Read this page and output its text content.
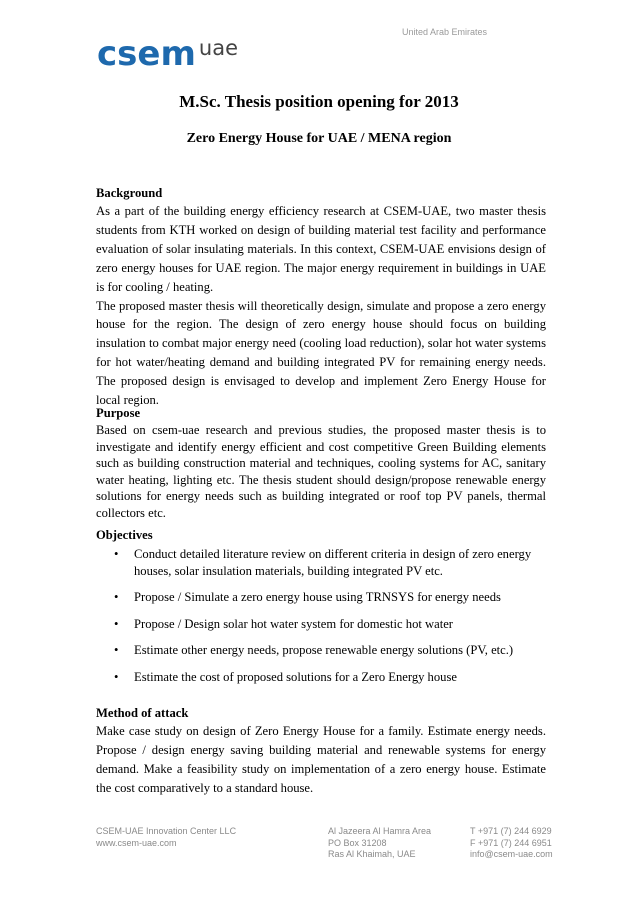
csem uae
United Arab Emirates
M.Sc. Thesis position opening for 2013
Zero Energy House for UAE / MENA region
Background

As a part of the building energy efficiency research at CSEM-UAE, two master thesis students from KTH worked on design of building material test facility and performance evaluation of solar insulating materials. In this context, CSEM-UAE envisions design of zero energy houses for UAE region. The major energy requirement in buildings in UAE is for cooling / heating.

The proposed master thesis will theoretically design, simulate and propose a zero energy house for the region. The design of zero energy house should focus on building insulation to combat major energy need (cooling load reduction), solar hot water systems for hot water/heating demand and building integrated PV for remaining energy needs. The proposed design is envisaged to develop and implement Zero Energy House for local region.

Purpose

Based on csem-uae research and previous studies, the proposed master thesis is to investigate and identify energy efficient and cost competitive Green Building elements such as building construction material and techniques, cooling systems for AC, sanitary water heating, lighting etc. The thesis student should design/propose renewable energy solutions for energy needs such as building integrated or roof top PV panels, thermal collectors etc.

Objectives
• Conduct detailed literature review on different criteria in design of zero energy houses, solar insulation materials, building integrated PV etc.
• Propose / Simulate a zero energy house using TRNSYS for energy needs
• Propose / Design solar hot water system for domestic hot water
• Estimate other energy needs, propose renewable energy solutions (PV, etc.)
• Estimate the cost of proposed solutions for a Zero Energy house
Method of attack

Make case study on design of Zero Energy House for a family. Estimate energy needs. Propose / design energy saving building material and renewable systems for energy demand. Make a feasibility study on implementation of a zero energy house. Estimate the cost comparatively to a standard house.

CSEM-UAE Innovation Center LLC
www.csem-uae.com
Al Jazeera Al Hamra Area
PO Box 31208
Ras Al Khaimah, UAE
T +971 (7) 244 6929
F +971 (7) 244 6951
info@csem-uae.com
